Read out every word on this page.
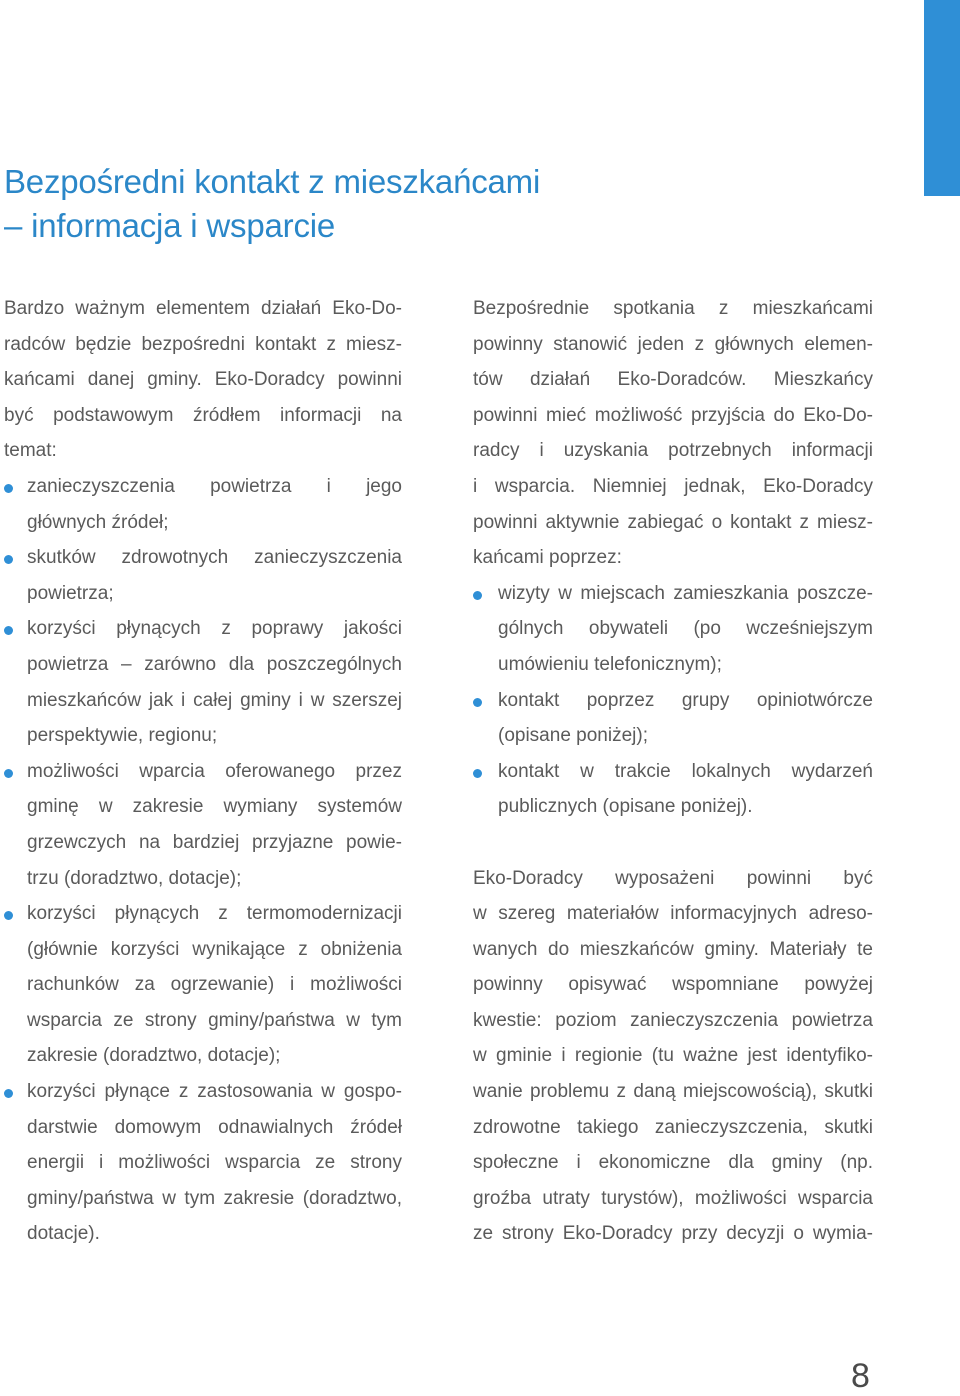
Bezpośredni kontakt z mieszkańcami
– informacja i wsparcie
Bardzo ważnym elementem działań Eko-Do-
radców będzie bezpośredni kontakt z miesz-
kańcami danej gminy. Eko-Doradcy powinni
być podstawowym źródłem informacji na
temat:
zanieczyszczenia powietrza i jego
głównych źródeł;
skutków zdrowotnych zanieczyszczenia
powietrza;
korzyści płynących z poprawy jakości
powietrza – zarówno dla poszczególnych
mieszkańców jak i całej gminy i w szerszej
perspektywie, regionu;
możliwości wparcia oferowanego przez
gminę w zakresie wymiany systemów
grzewczych na bardziej przyjazne powie-
trzu (doradztwo, dotacje);
korzyści płynących z termomodernizacji
(głównie korzyści wynikające z obniżenia
rachunków za ogrzewanie) i możliwości
wsparcia ze strony gminy/państwa w tym
zakresie (doradztwo, dotacje);
korzyści płynące z zastosowania w gospo-
darstwie domowym odnawialnych źródeł
energii i możliwości wsparcia ze strony
gminy/państwa w tym zakresie (doradztwo,
dotacje).
Bezpośrednie spotkania z mieszkańcami
powinny stanowić jeden z głównych elemen-
tów działań Eko-Doradców. Mieszkańcy
powinni mieć możliwość przyjścia do Eko-Do-
radcy i uzyskania potrzebnych informacji
i wsparcia. Niemniej jednak, Eko-Doradcy
powinni aktywnie zabiegać o kontakt z miesz-
kańcami poprzez:
wizyty w miejscach zamieszkania poszcze-
gólnych obywateli (po wcześniejszym
umówieniu telefonicznym);
kontakt poprzez grupy opiniotwórcze
(opisane poniżej);
kontakt w trakcie lokalnych wydarzeń
publicznych (opisane poniżej).
Eko-Doradcy wyposażeni powinni być
w szereg materiałów informacyjnych adreso-
wanych do mieszkańców gminy. Materiały te
powinny opisywać wspomniane powyżej
kwestie: poziom zanieczyszczenia powietrza
w gminie i regionie (tu ważne jest identyfiko-
wanie problemu z daną miejscowością), skutki
zdrowotne takiego zanieczyszczenia, skutki
społeczne i ekonomiczne dla gminy (np.
groźba utraty turystów), możliwości wsparcia
ze strony Eko-Doradcy przy decyzji o wymia-
8
